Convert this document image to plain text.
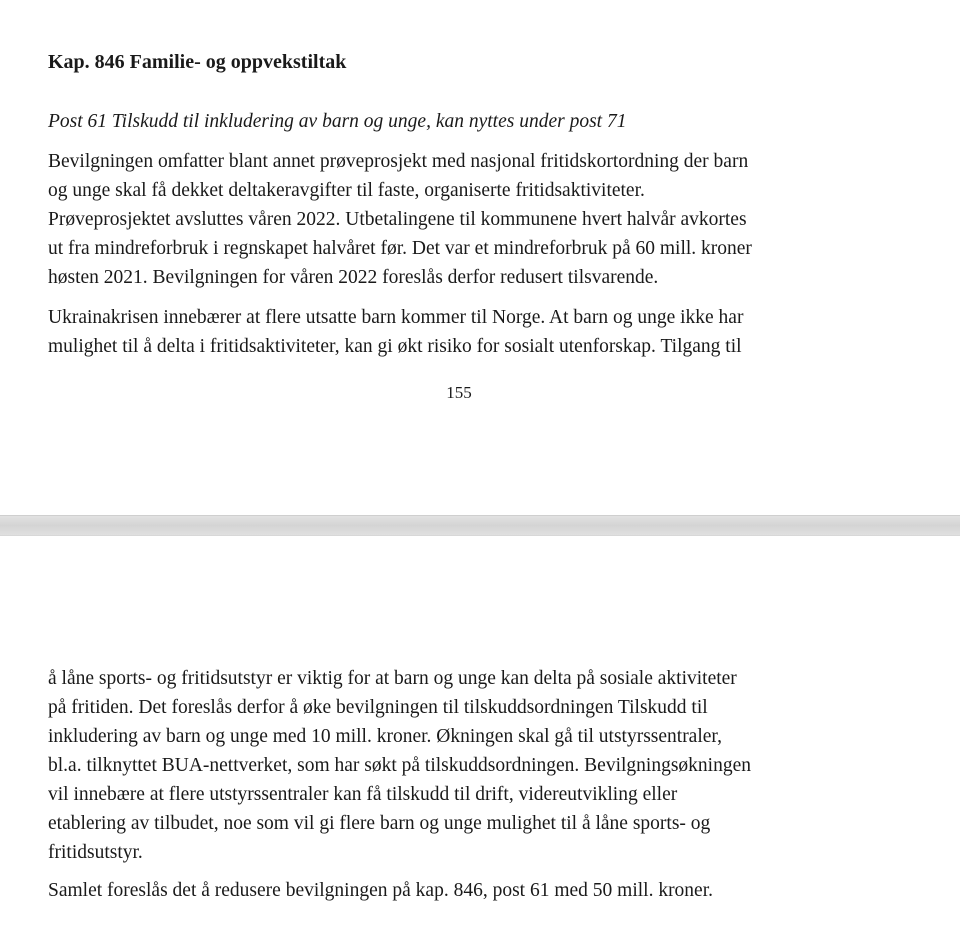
Kap. 846 Familie- og oppvekstiltak
Post 61 Tilskudd til inkludering av barn og unge, kan nyttes under post 71

Bevilgningen omfatter blant annet prøveprosjekt med nasjonal fritidskortordning der barn
og unge skal få dekket deltakeravgifter til faste, organiserte fritidsaktiviteter.
Prøveprosjektet avsluttes våren 2022. Utbetalingene til kommunene hvert halvår avkortes
ut fra mindreforbruk i regnskapet halvåret før. Det var et mindreforbruk på 60 mill. kroner
høsten 2021. Bevilgningen for våren 2022 foreslås derfor redusert tilsvarende.

Ukrainakrisen innebærer at flere utsatte barn kommer til Norge. At barn og unge ikke har
mulighet til å delta i fritidsaktiviteter, kan gi økt risiko for sosialt utenforskap. Tilgang til

155

å låne sports- og fritidsutstyr er viktig for at barn og unge kan delta på sosiale aktiviteter
på fritiden. Det foreslås derfor å øke bevilgningen til tilskuddsordningen Tilskudd til
inkludering av barn og unge med 10 mill. kroner. Økningen skal gå til utstyrssentraler,
bl.a. tilknyttet BUA-nettverket, som har søkt på tilskuddsordningen. Bevilgningsøkningen
vil innebære at flere utstyrssentraler kan få tilskudd til drift, videreutvikling eller
etablering av tilbudet, noe som vil gi flere barn og unge mulighet til å låne sports- og
fritidsutstyr.

Samlet foreslås det å redusere bevilgningen på kap. 846, post 61 med 50 mill. kroner.
